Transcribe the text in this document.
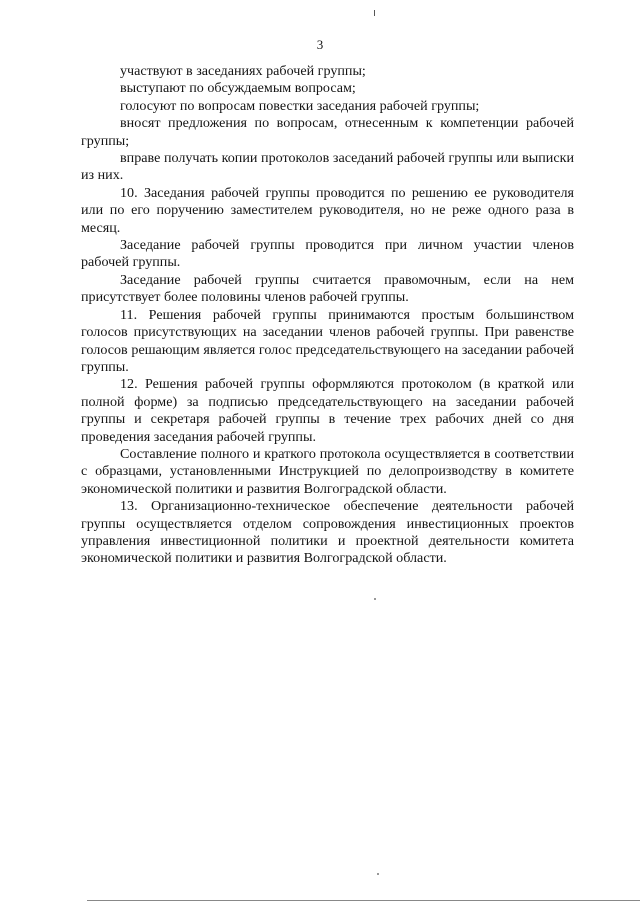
3

участвуют в заседаниях рабочей группы;

выступают по обсуждаемым вопросам;

голосуют по вопросам повестки заседания рабочей группы;

вносят предложения по вопросам, отнесенным к компетенции рабочей группы;

вправе получать копии протоколов заседаний рабочей группы или выписки из них.

10. Заседания рабочей группы проводится по решению ее руководителя или по его поручению заместителем руководителя, но не реже одного раза в месяц.

Заседание рабочей группы проводится при личном участии членов рабочей группы.

Заседание рабочей группы считается правомочным, если на нем присутствует более половины членов рабочей группы.

11. Решения рабочей группы принимаются простым большинством голосов присутствующих на заседании членов рабочей группы. При равенстве голосов решающим является голос председательствующего на заседании рабочей группы.

12. Решения рабочей группы оформляются протоколом (в краткой или полной форме) за подписью председательствующего на заседании рабочей группы и секретаря рабочей группы в течение трех рабочих дней со дня проведения заседания рабочей группы.

Составление полного и краткого протокола осуществляется в соответствии с образцами, установленными Инструкцией по делопроизводству в комитете экономической политики и развития Волгоградской области.

13. Организационно-техническое обеспечение деятельности рабочей группы осуществляется отделом сопровождения инвестиционных проектов управления инвестиционной политики и проектной деятельности комитета экономической политики и развития Волгоградской области.
